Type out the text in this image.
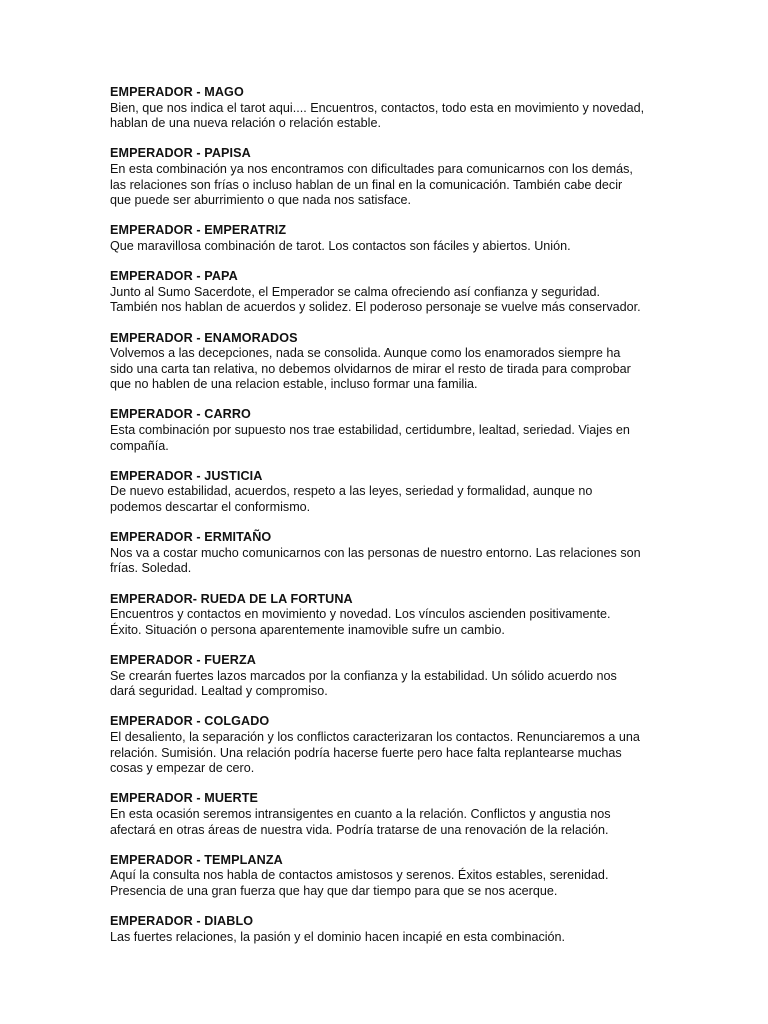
EMPERADOR - MAGO
Bien, que nos indica el tarot aqui.... Encuentros, contactos, todo esta en movimiento y novedad,
hablan de una nueva relación o relación estable.
EMPERADOR - PAPISA
En esta combinación ya nos encontramos con dificultades para comunicarnos con los demás,
las relaciones son frías o incluso hablan de un final en la comunicación. También cabe decir
que puede ser aburrimiento o que nada nos satisface.
EMPERADOR - EMPERATRIZ
Que maravillosa combinación de tarot. Los contactos son fáciles y abiertos. Unión.
EMPERADOR - PAPA
Junto al Sumo Sacerdote, el Emperador se calma ofreciendo así confianza y seguridad.
También nos hablan de acuerdos y solidez. El poderoso personaje se vuelve más conservador.
EMPERADOR - ENAMORADOS
Volvemos a las decepciones, nada se consolida. Aunque como los enamorados siempre ha
sido una carta tan relativa, no debemos olvidarnos de mirar el resto de tirada para comprobar
que no hablen de una relacion estable, incluso formar una familia.
EMPERADOR - CARRO
Esta combinación por supuesto nos trae estabilidad, certidumbre, lealtad, seriedad. Viajes en
compañía.
EMPERADOR - JUSTICIA
De nuevo estabilidad, acuerdos, respeto a las leyes, seriedad y formalidad, aunque no
podemos descartar el conformismo.
EMPERADOR - ERMITAÑO
Nos va a costar mucho comunicarnos con las personas de nuestro entorno. Las relaciones son
frías. Soledad.
EMPERADOR- RUEDA DE LA FORTUNA
Encuentros y contactos en movimiento y novedad. Los vínculos ascienden positivamente.
Éxito. Situación o persona aparentemente inamovible sufre un cambio.
EMPERADOR - FUERZA
Se crearán fuertes lazos marcados por la confianza y la estabilidad. Un sólido acuerdo nos
dará seguridad. Lealtad y compromiso.
EMPERADOR - COLGADO
El desaliento, la separación y los conflictos caracterizaran los contactos. Renunciaremos a una
relación. Sumisión. Una relación podría hacerse fuerte pero hace falta replantearse muchas
cosas y empezar de cero.
EMPERADOR - MUERTE
En esta ocasión seremos intransigentes en cuanto a la relación. Conflictos y angustia nos
afectará en otras áreas de nuestra vida. Podría tratarse de una renovación de la relación.
EMPERADOR - TEMPLANZA
Aquí la consulta nos habla de contactos amistosos y serenos. Éxitos estables, serenidad.
Presencia de una gran fuerza que hay que dar tiempo para que se nos acerque.
EMPERADOR - DIABLO
Las fuertes relaciones, la pasión y el dominio hacen incapié en esta combinación.
